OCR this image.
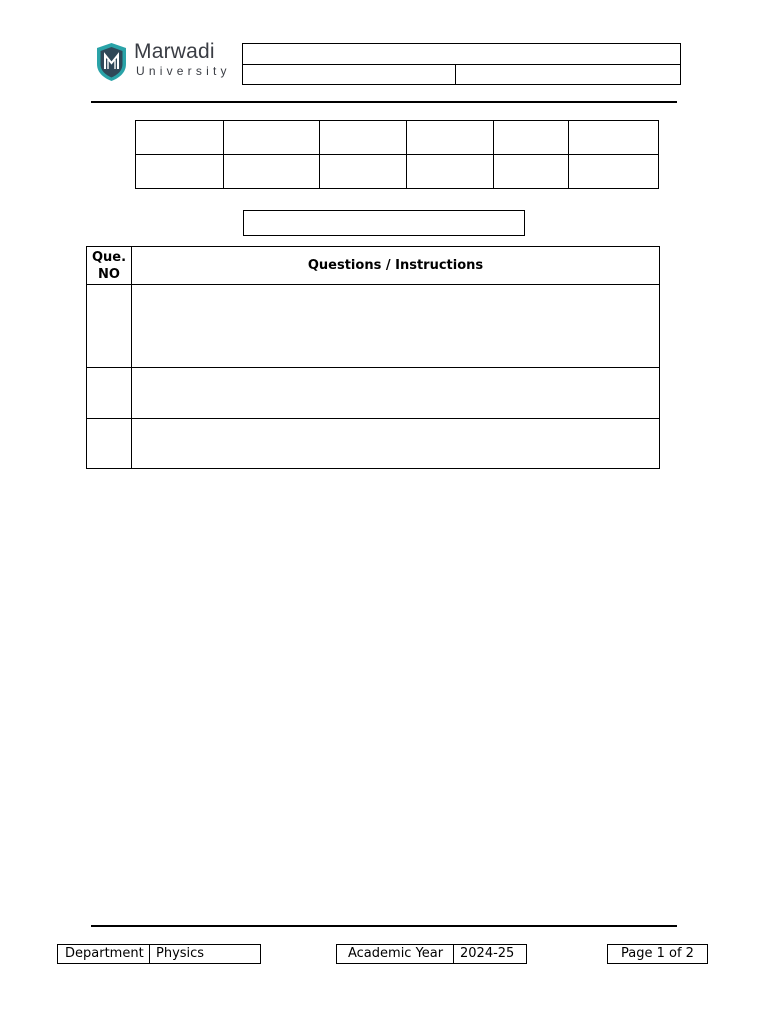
Marwadi
University

Que.
NO	Questions / Instructions

Department Physics	Academic Year 2024-25	Page 1 of 2
